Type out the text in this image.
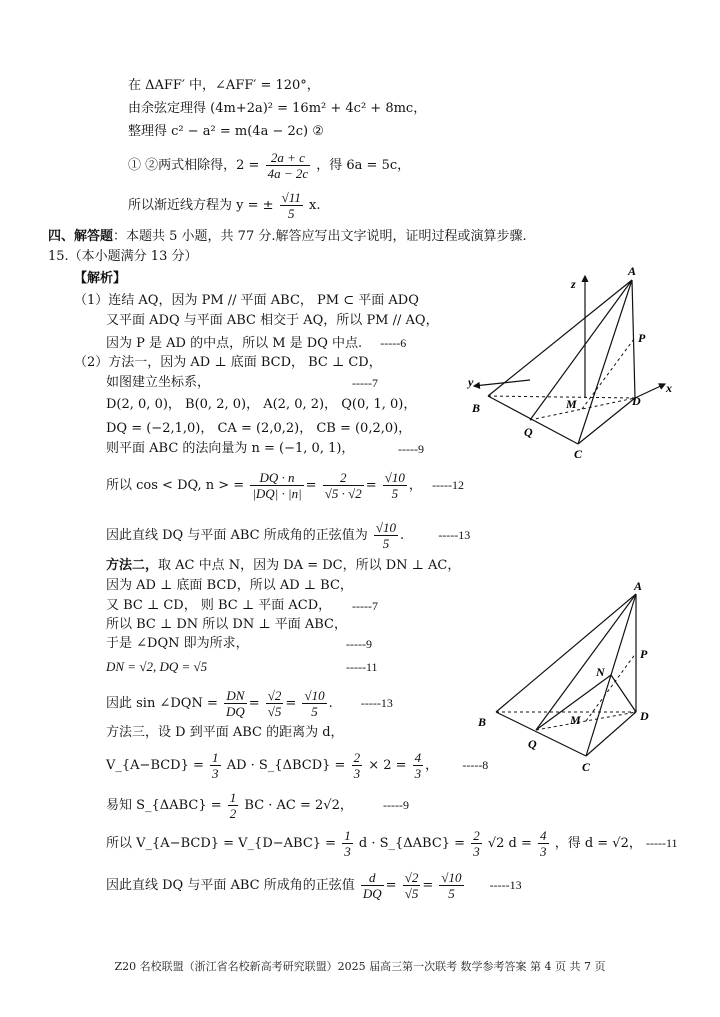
在 ΔAFF′ 中，∠AFF′ = 120°，
由余弦定理得 (4m+2a)² = 16m² + 4c² + 8mc，
整理得 c² − a² = m(4a − 2c) ②
① ②两式相除得，$2 = \frac{2a + c}{4a - 2c}$ ，得 6a = 5c，
所以渐近线方程为 y = ± $\frac{√11}{5} x$.
四、解答题：本题共 5 小题，共 77 分.解答应写出文字说明，证明过程或演算步骤.
15.（本小题满分 13 分）
【解析】
（1）连结 AQ，因为 PM // 平面 ABC， PM ⊂ 平面 ADQ
又平面 ADQ 与平面 ABC 相交于 AQ，所以 PM // AQ，
因为 P 是 AD 的中点，所以 M 是 DQ 中点. -----6
（2）方法一，因为 AD ⊥ 底面 BCD， BC ⊥ CD，
如图建立坐标系，	-----7
D(2, 0, 0)， B(0, 2, 0)， A(2, 0, 2)， Q(0, 1, 0)，
DQ = (−2,1,0)， CA = (2,0,2)， CB = (0,2,0)，
则平面 ABC 的法向量为 n = (−1, 0, 1)，	-----9
所以 cos < DQ, n > = $\frac{DQ \cdot n}{|DQ| \cdot |n|} = \frac{2}{√5 \cdot √2} = \frac{√10}{5}$ ， -----12
因此直线 DQ 与平面 ABC 所成角的正弦值为 $\frac{√10}{5}$ .	-----13
方法二，取 AC 中点 N，因为 DA = DC，所以 DN ⊥ AC，
因为 AD ⊥ 底面 BCD，所以 AD ⊥ BC，
又 BC ⊥ CD， 则 BC ⊥ 平面 ACD， -----7
所以 BC ⊥ DN 所以 DN ⊥ 平面 ABC，
于是 ∠DQN 即为所求，	-----9
DN = √2, DQ = √5	-----11
因此 sin ∠DQN = $\frac{DN}{DQ} = \frac{√2}{√5} = \frac{√10}{5}$ . -----13
方法三，设 D 到平面 ABC 的距离为 d，
V_{A−BCD} = $\frac{1}{3}$ AD · S_{ΔBCD} = $\frac{2}{3} \times 2 = \frac{4}{3}$ ， -----8
易知 S_{ΔABC} = $\frac{1}{2}$ BC · AC = 2√2，	-----9
所以 V_{A−BCD} = V_{D−ABC} = $\frac{1}{3}$ d · S_{ΔABC} = $\frac{2}{3} √2$ $d = \frac{4}{3}$ ，得 d = √2， -----11
因此直线 DQ 与平面 ABC 所成角的正弦值 $\frac{d}{DQ} = \frac{√2}{√5} = \frac{√10}{5} -----13$
A
z
P
y
B	M	D
x
Q
C
A
P
N
B	M	D
Q
C
Z20 名校联盟（浙江省名校新高考研究联盟）2025 届高三第一次联考 数学参考答案 第 4 页 共 7 页
